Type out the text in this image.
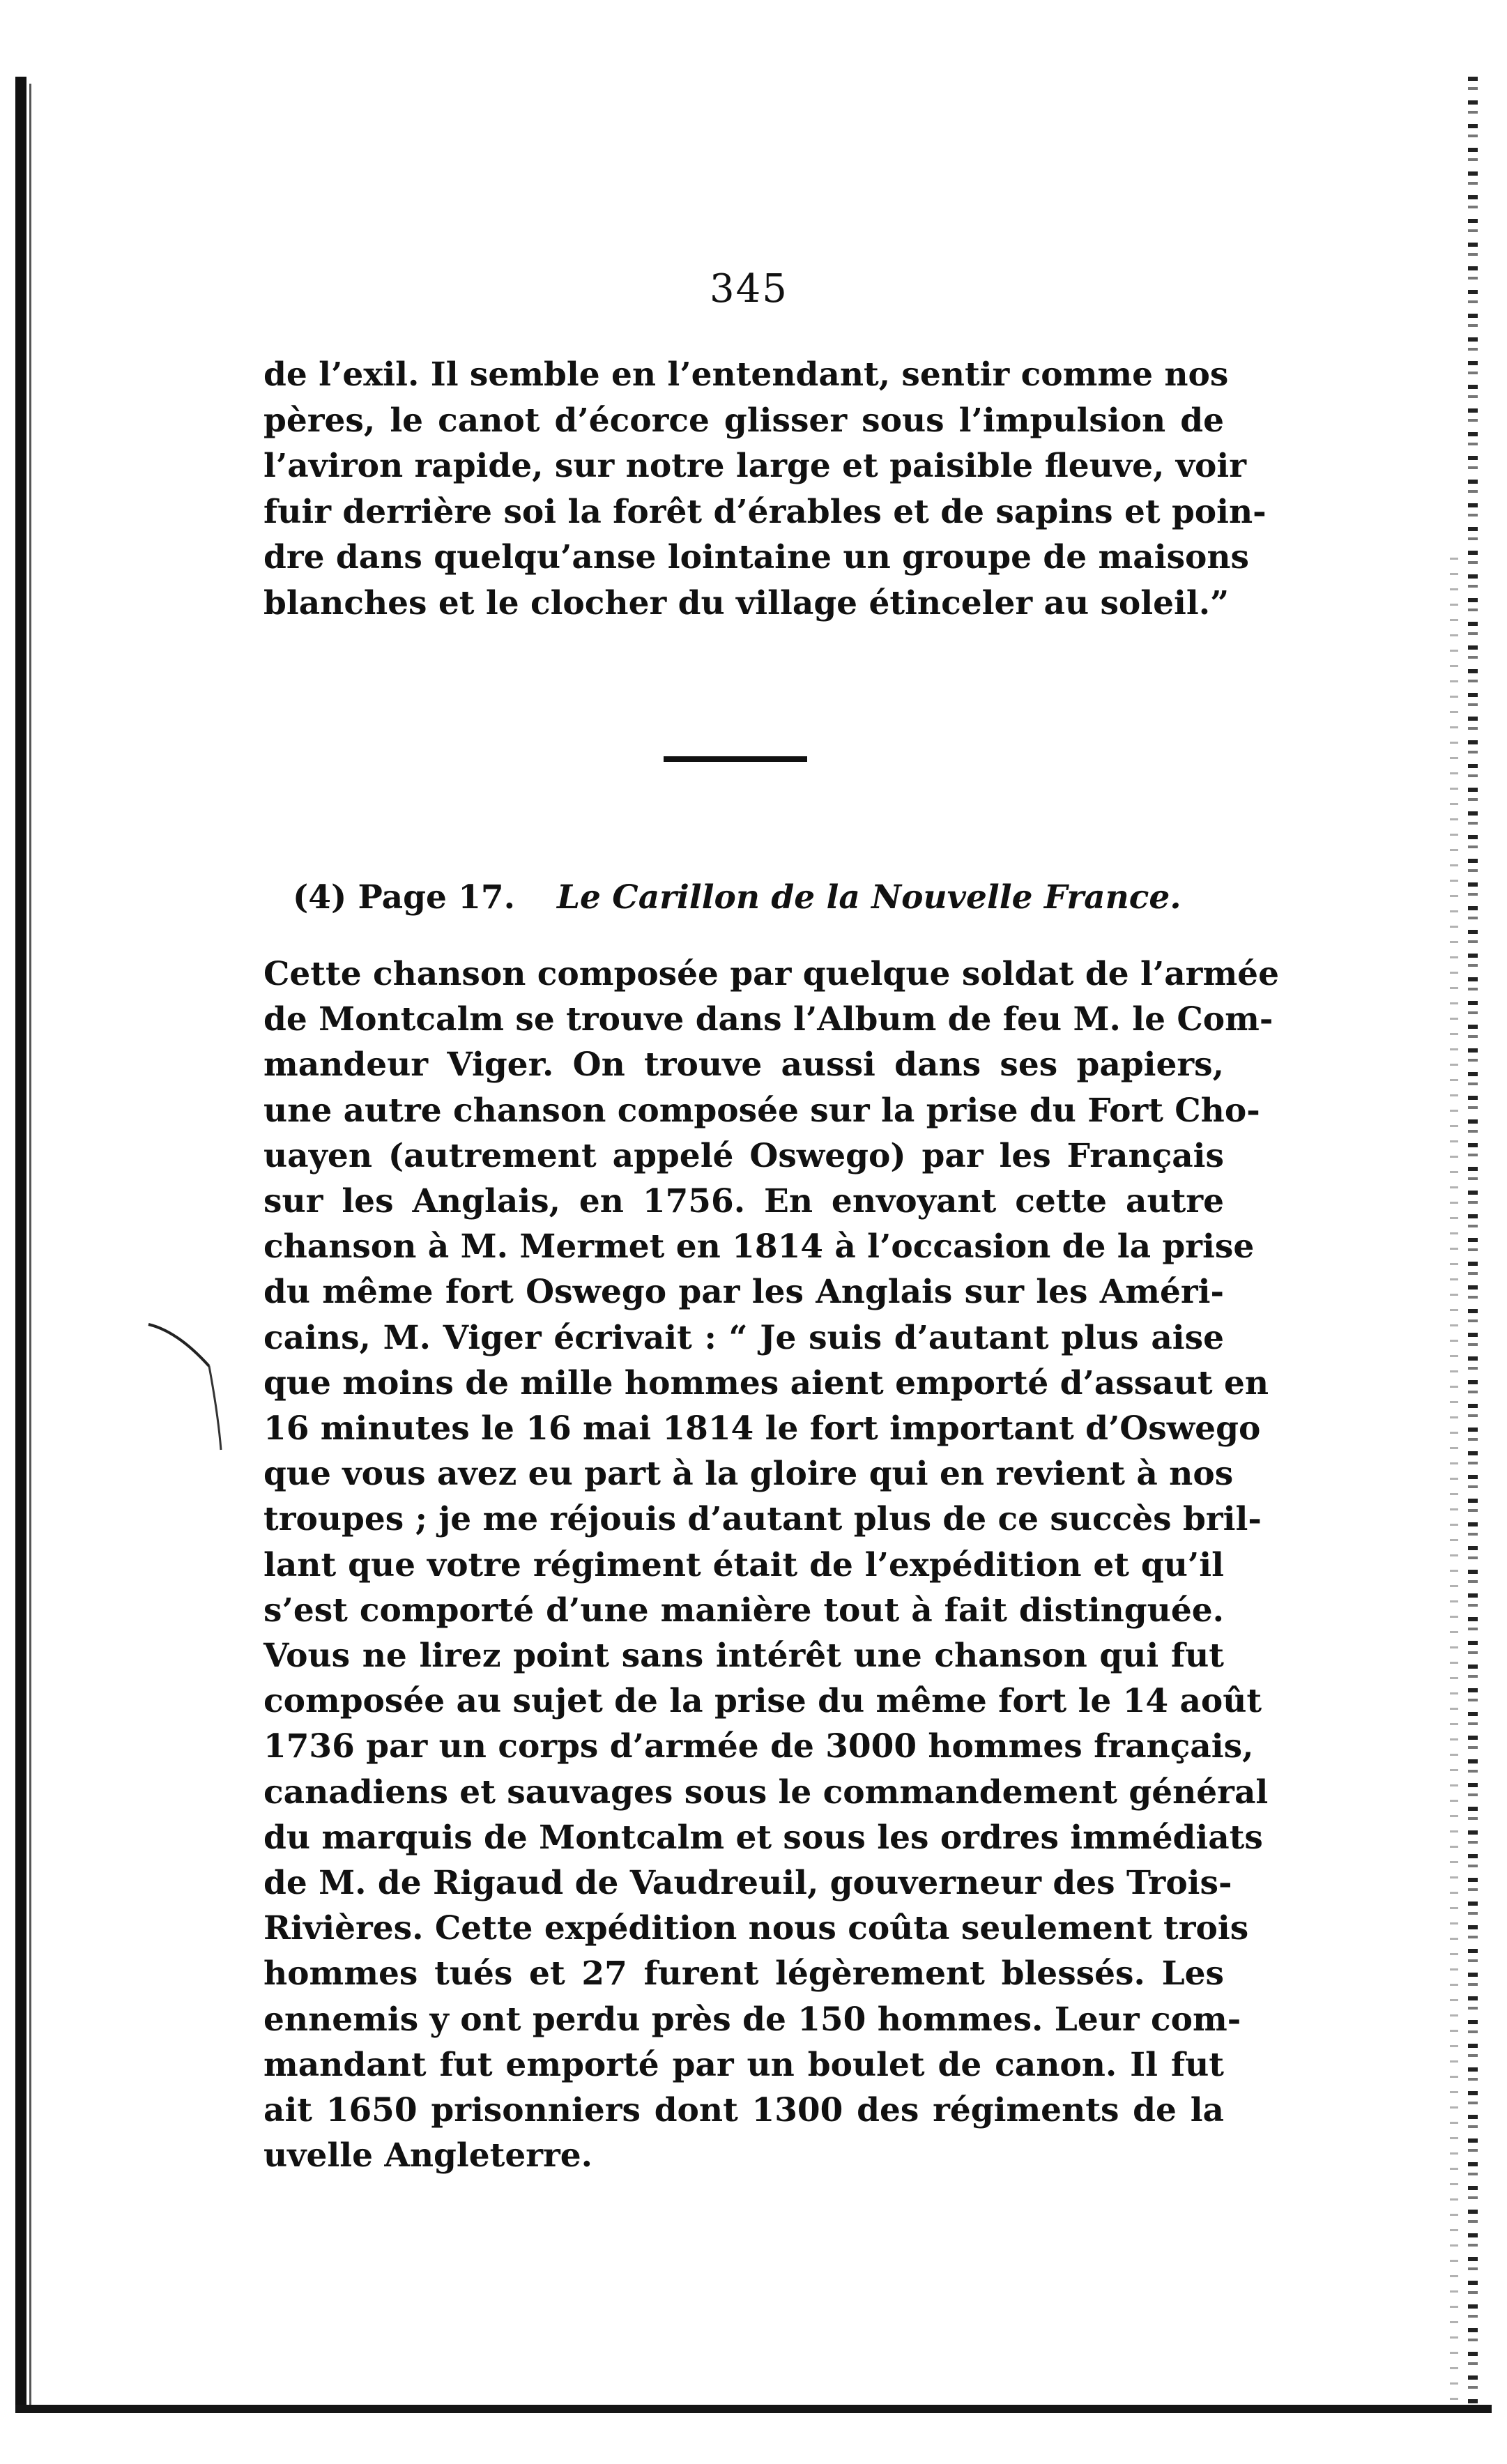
345
de l’exil. Il semble en l’entendant, sentir comme nos
pères, le canot d’écorce glisser sous l’impulsion de
l’aviron rapide, sur notre large et paisible fleuve, voir
fuir derrière soi la forêt d’érables et de sapins et poin-
dre dans quelqu’anse lointaine un groupe de maisons
blanches et le clocher du village étinceler au soleil.”
(4) Page 17. Le Carillon de la Nouvelle France.
Cette chanson composée par quelque soldat de l’armée
de Montcalm se trouve dans l’Album de feu M. le Com-
mandeur Viger. On trouve aussi dans ses papiers,
une autre chanson composée sur la prise du Fort Cho-
uayen (autrement appelé Oswego) par les Français
sur les Anglais, en 1756. En envoyant cette autre
chanson à M. Mermet en 1814 à l’occasion de la prise
du même fort Oswego par les Anglais sur les Améri-
cains, M. Viger écrivait : “ Je suis d’autant plus aise
que moins de mille hommes aient emporté d’assaut en
16 minutes le 16 mai 1814 le fort important d’Oswego
que vous avez eu part à la gloire qui en revient à nos
troupes ; je me réjouis d’autant plus de ce succès bril-
lant que votre régiment était de l’expédition et qu’il
s’est comporté d’une manière tout à fait distinguée.
Vous ne lirez point sans intérêt une chanson qui fut
composée au sujet de la prise du même fort le 14 août
1736 par un corps d’armée de 3000 hommes français,
canadiens et sauvages sous le commandement général
du marquis de Montcalm et sous les ordres immédiats
de M. de Rigaud de Vaudreuil, gouverneur des Trois-
Rivières. Cette expédition nous coûta seulement trois
hommes tués et 27 furent légèrement blessés. Les
ennemis y ont perdu près de 150 hommes. Leur com-
mandant fut emporté par un boulet de canon. Il fut
ait 1650 prisonniers dont 1300 des régiments de la
uvelle Angleterre.
